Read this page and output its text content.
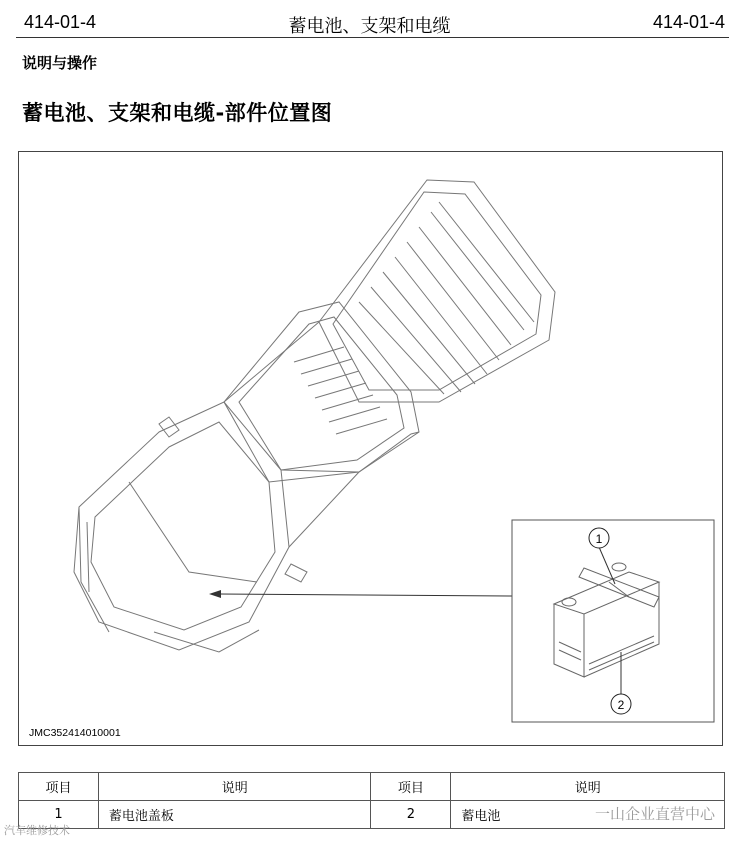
414-01-4	蓄电池、支架和电缆	414-01-4
说明与操作
蓄电池、支架和电缆-部件位置图
1
2
JMC352414010001
项目	说明	项目	说明
1	蓄电池盖板	2	蓄电池
汽车维修技术
一山企业直营中心
